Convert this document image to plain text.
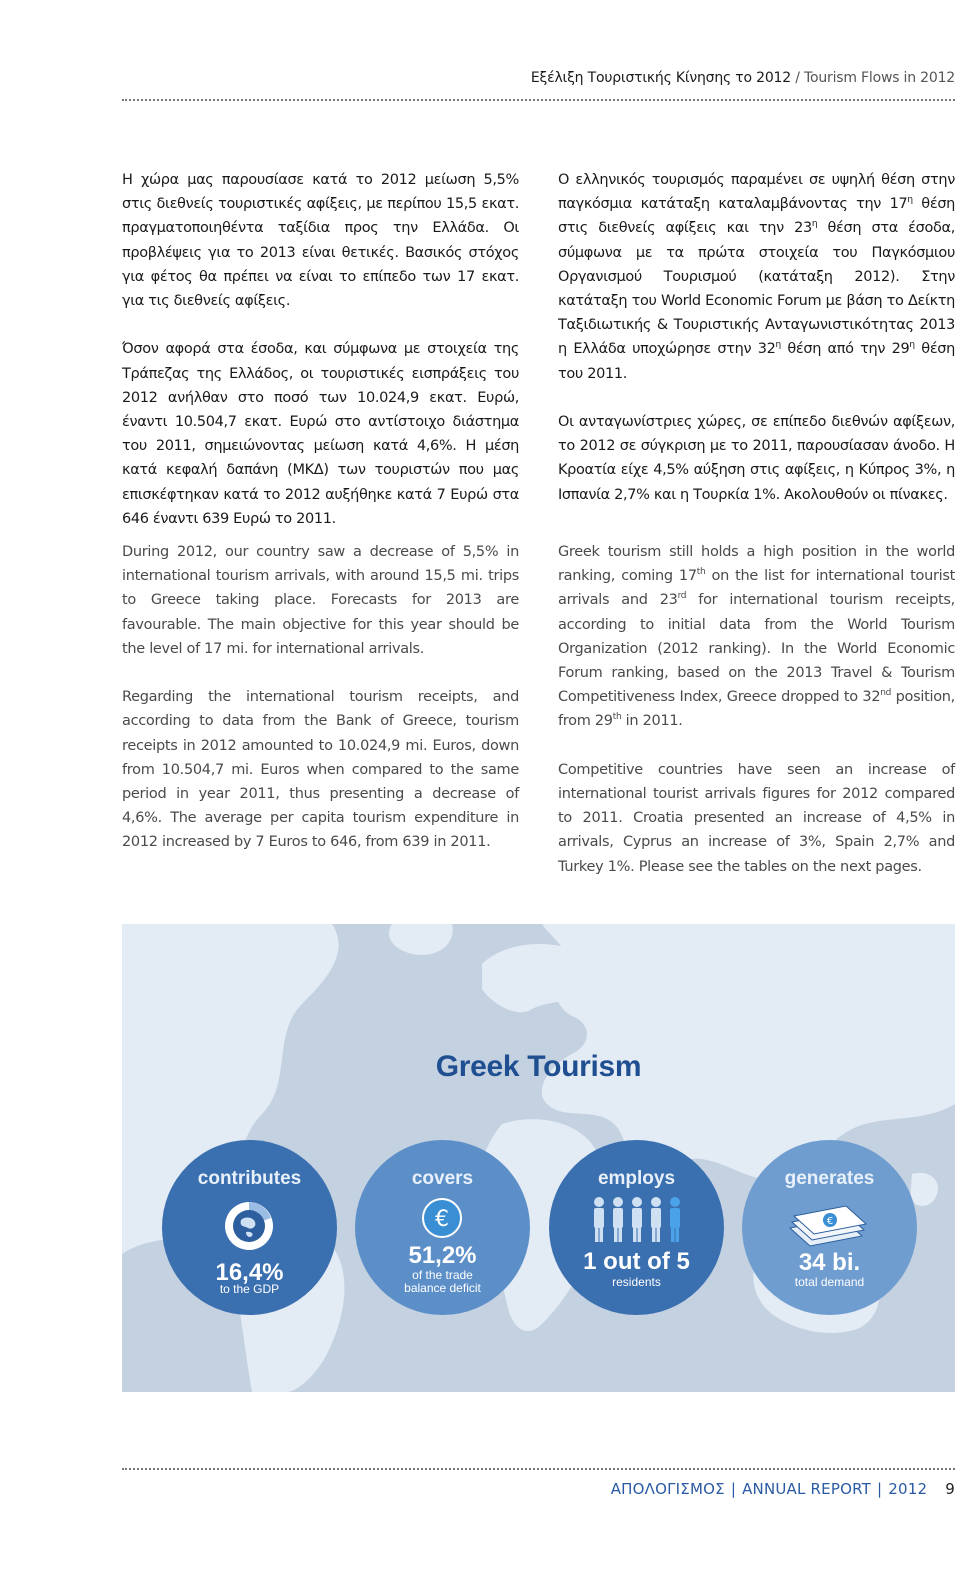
Εξέλιξη Τουριστικής Κίνησης το 2012 / Tourism Flows in 2012

Η χώρα μας παρουσίασε κατά το 2012 μείωση 5,5% στις διεθνείς τουριστικές αφίξεις, με περίπου 15,5 εκατ. πραγματοποιηθέντα ταξίδια προς την Ελλάδα. Οι προβλέψεις για το 2013 είναι θετικές. Βασικός στόχος για φέτος θα πρέπει να είναι το επίπεδο των 17 εκατ. για τις διεθνείς αφίξεις.

Όσον αφορά στα έσοδα, και σύμφωνα με στοιχεία της Τράπεζας της Ελλάδος, οι τουριστικές εισπράξεις του 2012 ανήλθαν στο ποσό των 10.024,9 εκατ. Ευρώ, έναντι 10.504,7 εκατ. Ευρώ στο αντίστοιχο διάστημα του 2011, σημειώνοντας μείωση κατά 4,6%. Η μέση κατά κεφαλή δαπάνη (ΜΚΔ) των τουριστών που μας επισκέφτηκαν κατά το 2012 αυξήθηκε κατά 7 Ευρώ στα 646 έναντι 639 Ευρώ το 2011.

Ο ελληνικός τουρισμός παραμένει σε υψηλή θέση στην παγκόσμια κατάταξη καταλαμβάνοντας την $17^\eta$ θέση στις διεθνείς αφίξεις και την $23^\eta$ θέση στα έσοδα, σύμφωνα με τα πρώτα στοιχεία του Παγκόσμιου Οργανισμού Τουρισμού (κατάταξη 2012). Στην κατάταξη του World Economic Forum με βάση το Δείκτη Ταξιδιωτικής & Τουριστικής Ανταγωνιστικότητας 2013 η Ελλάδα υποχώρησε στην $32^\eta$ θέση από την $29^\eta$ θέση του 2011.

Οι ανταγωνίστριες χώρες, σε επίπεδο διεθνών αφίξεων, το 2012 σε σύγκριση με το 2011, παρουσίασαν άνοδο. Η Κροατία είχε 4,5% αύξηση στις αφίξεις, η Κύπρος 3%, η Ισπανία 2,7% και η Τουρκία 1%. Ακολουθούν οι πίνακες.

During 2012, our country saw a decrease of 5,5% in international tourism arrivals, with around 15,5 mi. trips to Greece taking place. Forecasts for 2013 are favourable. The main objective for this year should be the level of 17 mi. for international arrivals.

Regarding the international tourism receipts, and according to data from the Bank of Greece, tourism receipts in 2012 amounted to 10.024,9 mi. Euros, down from 10.504,7 mi. Euros when compared to the same period in year 2011, thus presenting a decrease of 4,6%. The average per capita tourism expenditure in 2012 increased by 7 Euros to 646, from 639 in 2011.

Greek tourism still holds a high position in the world ranking, coming 17th on the list for international tourist arrivals and 23rd for international tourism receipts, according to initial data from the World Tourism Organization (2012 ranking). In the World Economic Forum ranking, based on the 2013 Travel & Tourism Competitiveness Index, Greece dropped to 32nd position, from 29th in 2011.

Competitive countries have seen an increase of international tourist arrivals figures for 2012 compared to 2011. Croatia presented an increase of 4,5% in arrivals, Cyprus an increase of 3%, Spain 2,7% and Turkey 1%. Please see the tables on the next pages.

Greek Tourism
contributes
16,4%
to the GDP
covers
€
51,2%
of the trade
balance deficit
employs
1 out of 5
residents
generates
€
34 bi.
total demand
ΑΠΟΛΟΓΙΣΜΟΣ | ANNUAL REPORT | 2012 9
